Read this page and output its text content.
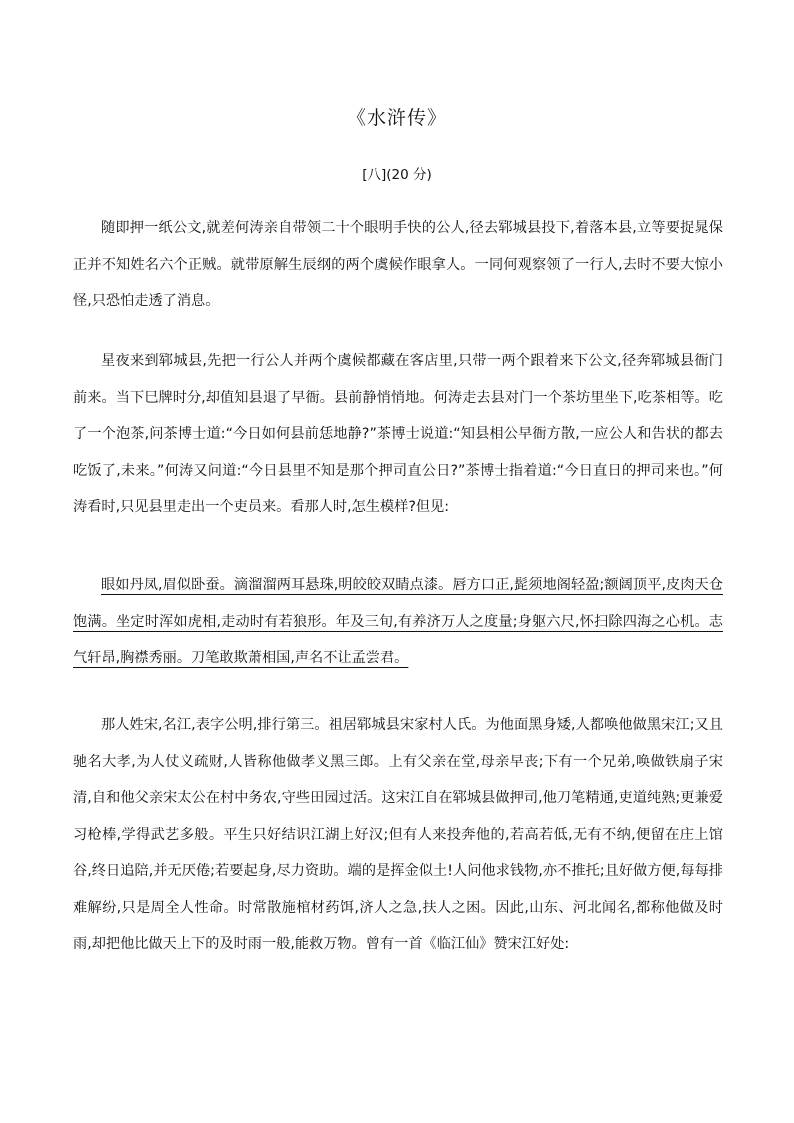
《水浒传》
[八](20 分)

随即押一纸公文,就差何涛亲自带领二十个眼明手快的公人,径去郓城县投下,着落本县,立等要捉晁保正并不知姓名六个正贼。就带原解生辰纲的两个虞候作眼拿人。一同何观察领了一行人,去时不要大惊小怪,只恐怕走透了消息。

星夜来到郓城县,先把一行公人并两个虞候都藏在客店里,只带一两个跟着来下公文,径奔郓城县衙门前来。当下巳牌时分,却值知县退了早衙。县前静悄悄地。何涛走去县对门一个茶坊里坐下,吃茶相等。吃了一个泡茶,问茶博士道:“今日如何县前恁地静?”茶博士说道:“知县相公早衙方散,一应公人和告状的都去吃饭了,未来。”何涛又问道:“今日县里不知是那个押司直公日?”茶博士指着道:“今日直日的押司来也。”何涛看时,只见县里走出一个吏员来。看那人时,怎生模样?但见:

眼如丹凤,眉似卧蚕。滴溜溜两耳悬珠,明皎皎双睛点漆。唇方口正,髭须地阁轻盈;额阔顶平,皮肉天仓饱满。坐定时浑如虎相,走动时有若狼形。年及三旬,有养济万人之度量;身躯六尺,怀扫除四海之心机。志气轩昂,胸襟秀丽。刀笔敢欺萧相国,声名不让孟尝君。

那人姓宋,名江,表字公明,排行第三。祖居郓城县宋家村人氏。为他面黑身矮,人都唤他做黑宋江;又且驰名大孝,为人仗义疏财,人皆称他做孝义黑三郎。上有父亲在堂,母亲早丧;下有一个兄弟,唤做铁扇子宋清,自和他父亲宋太公在村中务农,守些田园过活。这宋江自在郓城县做押司,他刀笔精通,吏道纯熟;更兼爱习枪棒,学得武艺多般。平生只好结识江湖上好汉;但有人来投奔他的,若高若低,无有不纳,便留在庄上馆谷,终日追陪,并无厌倦;若要起身,尽力资助。端的是挥金似土!人问他求钱物,亦不推托;且好做方便,每每排难解纷,只是周全人性命。时常散施棺材药饵,济人之急,扶人之困。因此,山东、河北闻名,都称他做及时雨,却把他比做天上下的及时雨一般,能救万物。曾有一首《临江仙》赞宋江好处:
